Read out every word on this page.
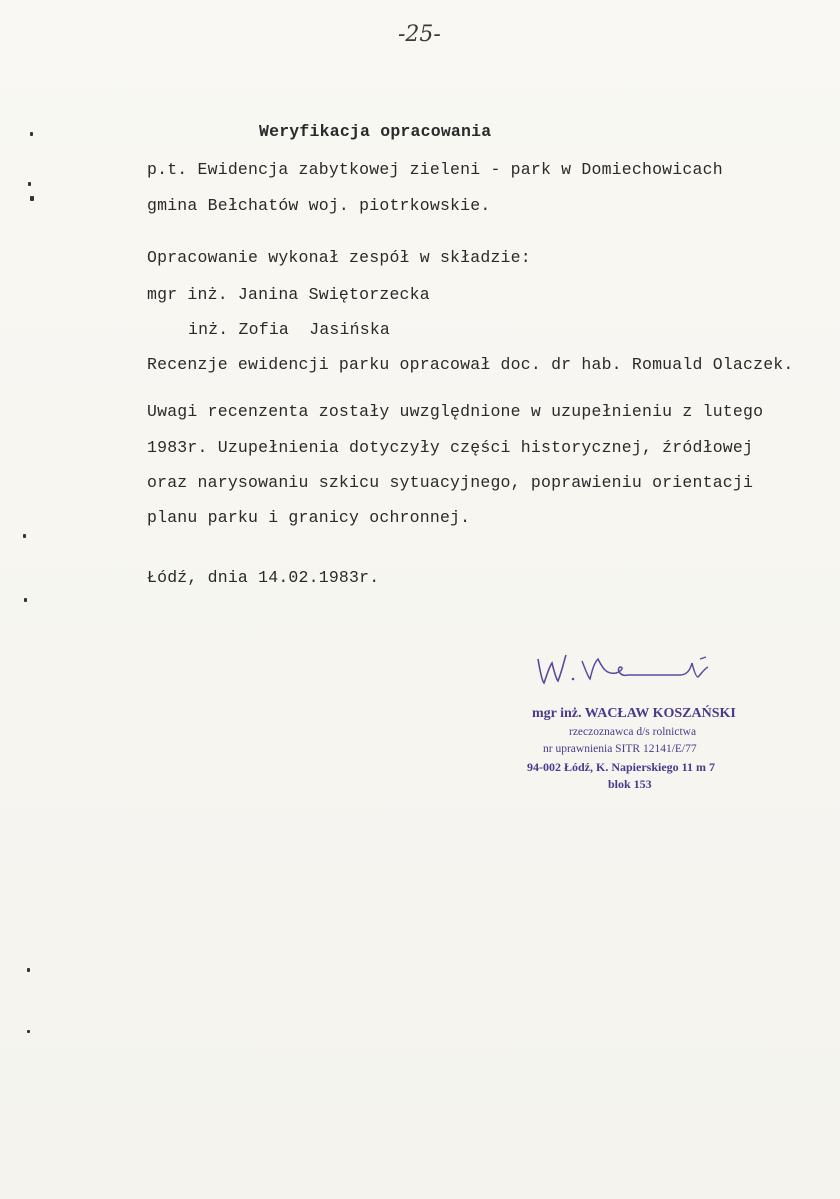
-25-
Weryfikacja opracowania
p.t. Ewidencja zabytkowej zieleni - park w Domiechowicach
gmina Bełchatów woj. piotrkowskie.
Opracowanie wykonał zespół w składzie:
mgr inż. Janina Swiętorzecka
inż. Zofia  Jasińska
Recenzje ewidencji parku opracował doc. dr hab. Romuald Olaczek.
Uwagi recenzenta zostały uwzględnione w uzupełnieniu z lutego
1983r. Uzupełnienia dotyczyły części historycznej, źródłowej
oraz narysowaniu szkicu sytuacyjnego, poprawieniu orientacji
planu parku i granicy ochronnej.
Łódź, dnia 14.02.1983r.
mgr inż. WACŁAW KOSZAŃSKI
rzeczoznawca d/s rolnictwa
nr uprawnienia SITR 12141/E/77
94-002 Łódź, K. Napierskiego 11 m 7
blok 153
